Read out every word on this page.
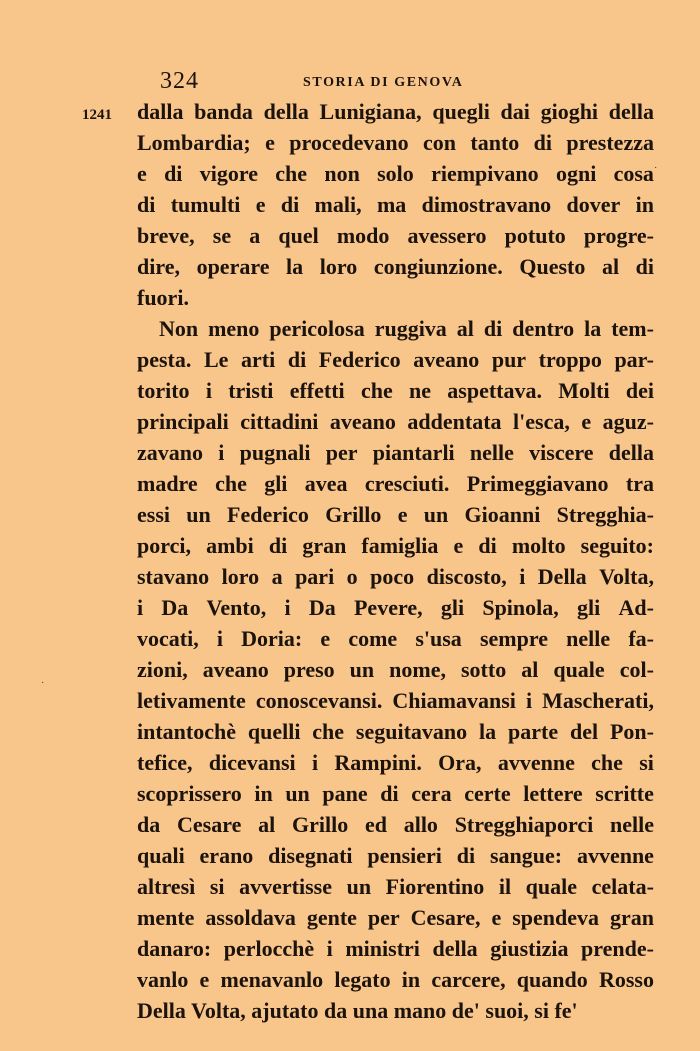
324	STORIA DI GENOVA
1241
˙
˙
dalla banda della Lunigiana, quegli dai gioghi della
Lombardia; e procedevano con tanto di prestezza
e di vigore che non solo riempivano ogni cosa
di tumulti e di mali, ma dimostravano dover in
breve, se a quel modo avessero potuto progre-
dire, operare la loro congiunzione. Questo al di
fuori.
Non meno pericolosa ruggiva al di dentro la tem-
pesta. Le arti di Federico aveano pur troppo par-
torito i tristi effetti che ne aspettava. Molti dei
principali cittadini aveano addentata l'esca, e aguz-
zavano i pugnali per piantarli nelle viscere della
madre che gli avea cresciuti. Primeggiavano tra
essi un Federico Grillo e un Gioanni Stregghia-
porci, ambi di gran famiglia e di molto seguito:
stavano loro a pari o poco discosto, i Della Volta,
i Da Vento, i Da Pevere, gli Spinola, gli Ad-
vocati, i Doria: e come s'usa sempre nelle fa-
zioni, aveano preso un nome, sotto al quale col-
letivamente conoscevansi. Chiamavansi i Mascherati,
intantochè quelli che seguitavano la parte del Pon-
tefice, dicevansi i Rampini. Ora, avvenne che si
scoprissero in un pane di cera certe lettere scritte
da Cesare al Grillo ed allo Stregghiaporci nelle
quali erano disegnati pensieri di sangue: avvenne
altresì si avvertisse un Fiorentino il quale celata-
mente assoldava gente per Cesare, e spendeva gran
danaro: perlocchè i ministri della giustizia prende-
vanlo e menavanlo legato in carcere, quando Rosso
Della Volta, ajutato da una mano de' suoi, si fe'
